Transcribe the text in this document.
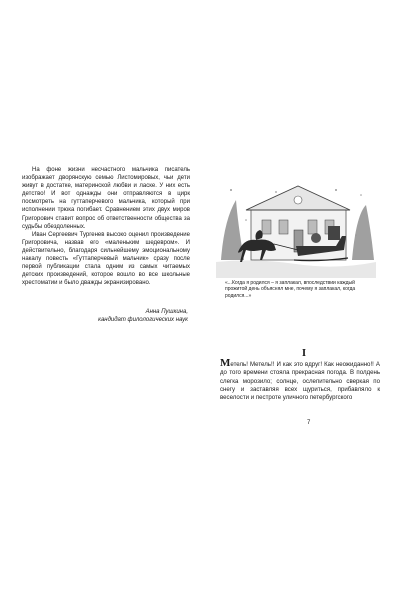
На фоне жизни несчастного мальчика писатель изображает дворянскую семью Листомировых, чьи дети живут в достатке, материнской любви и ласке. У них есть детство! И вот однажды они отправляются в цирк посмотреть на гуттаперчевого мальчика, который при исполнении трюка погибает. Сравнением этих двух миров Григорович ставит вопрос об ответственности общества за судьбы обездоленных.

Иван Сергеевич Тургенев высоко оценил произведение Григоровича, назвав его «маленьким шедевром». И действительно, благодаря сильнейшему эмоциональному накалу повесть «Гуттаперчевый мальчик» сразу после первой публикации стала одним из самых читаемых детских произведений, которое вошло во все школьные хрестоматии и было дважды экранизировано.

Анна Пушкина,
кандидат филологических наук
«...Когда я родился – я заплакал, впоследствии каждый прожитой день объяснял мне, почему я заплакал, когда родился...»
I
Метель! Метель!! И как это вдруг! Как неожиданно!! А до того времени стояла прекрасная погода. В полдень слегка морозило; солнце, ослепительно сверкая по снегу и заставляя всех щуриться, прибавляло к веселости и пестроте уличного петербургского
7
